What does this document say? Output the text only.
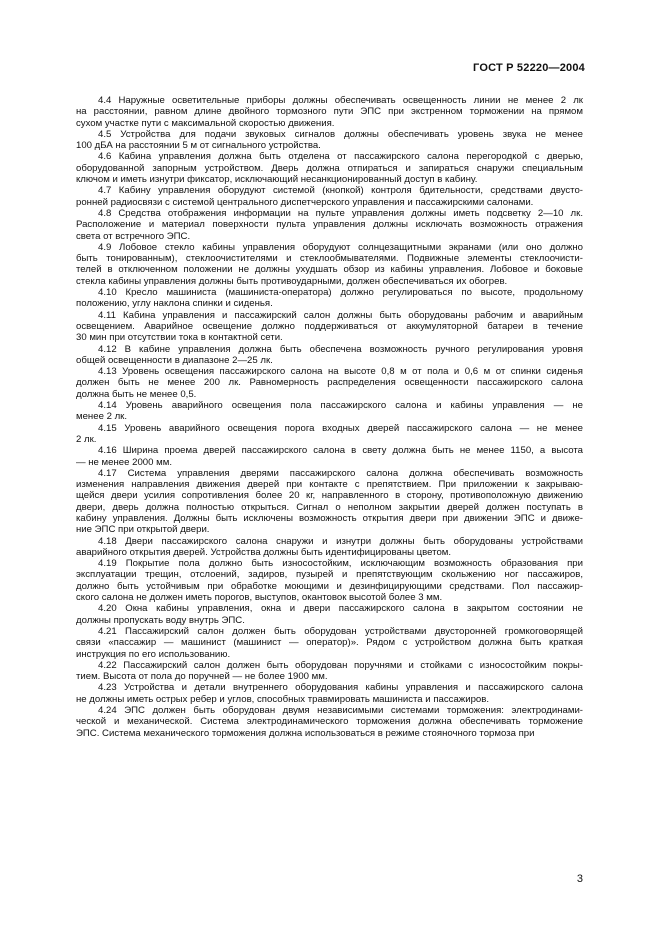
ГОСТ Р 52220—2004
4.4 Наружные осветительные приборы должны обеспечивать освещенность линии не менее 2 лк
на расстоянии, равном длине двойного тормозного пути ЭПС при экстренном торможении на прямом
сухом участке пути с максимальной скоростью движения.
4.5 Устройства для подачи звуковых сигналов должны обеспечивать уровень звука не менее
100 дБА на расстоянии 5 м от сигнального устройства.
4.6 Кабина управления должна быть отделена от пассажирского салона перегородкой с дверью,
оборудованной запорным устройством. Дверь должна отпираться и запираться снаружи специальным
ключом и иметь изнутри фиксатор, исключающий несанкционированный доступ в кабину.
4.7 Кабину управления оборудуют системой (кнопкой) контроля бдительности, средствами двусто-
ронней радиосвязи с системой центрального диспетчерского управления и пассажирскими салонами.
4.8 Средства отображения информации на пульте управления должны иметь подсветку 2—10 лк.
Расположение и материал поверхности пульта управления должны исключать возможность отражения
света от встречного ЭПС.
4.9 Лобовое стекло кабины управления оборудуют солнцезащитными экранами (или оно должно
быть тонированным), стеклоочистителями и стеклообмывателями. Подвижные элементы стеклоочисти-
телей в отключенном положении не должны ухудшать обзор из кабины управления. Лобовое и боковые
стекла кабины управления должны быть противоударными, должен обеспечиваться их обогрев.
4.10 Кресло машиниста (машиниста-оператора) должно регулироваться по высоте, продольному
положению, углу наклона спинки и сиденья.
4.11 Кабина управления и пассажирский салон должны быть оборудованы рабочим и аварийным
освещением. Аварийное освещение должно поддерживаться от аккумуляторной батареи в течение
30 мин при отсутствии тока в контактной сети.
4.12 В кабине управления должна быть обеспечена возможность ручного регулирования уровня
общей освещенности в диапазоне 2—25 лк.
4.13 Уровень освещения пассажирского салона на высоте 0,8 м от пола и 0,6 м от спинки сиденья
должен быть не менее 200 лк. Равномерность распределения освещенности пассажирского салона
должна быть не менее 0,5.
4.14 Уровень аварийного освещения пола пассажирского салона и кабины управления — не
менее 2 лк.
4.15 Уровень аварийного освещения порога входных дверей пассажирского салона — не менее
2 лк.
4.16 Ширина проема дверей пассажирского салона в свету должна быть не менее 1150, а высота
— не менее 2000 мм.
4.17 Система управления дверями пассажирского салона должна обеспечивать возможность
изменения направления движения дверей при контакте с препятствием. При приложении к закрываю-
щейся двери усилия сопротивления более 20 кг, направленного в сторону, противоположную движению
двери, дверь должна полностью открыться. Сигнал о неполном закрытии дверей должен поступать в
кабину управления. Должны быть исключены возможность открытия двери при движении ЭПС и движе-
ние ЭПС при открытой двери.
4.18 Двери пассажирского салона снаружи и изнутри должны быть оборудованы устройствами
аварийного открытия дверей. Устройства должны быть идентифицированы цветом.
4.19 Покрытие пола должно быть износостойким, исключающим возможность образования при
эксплуатации трещин, отслоений, задиров, пузырей и препятствующим скольжению ног пассажиров,
должно быть устойчивым при обработке моющими и дезинфицирующими средствами. Пол пассажир-
ского салона не должен иметь порогов, выступов, окантовок высотой более 3 мм.
4.20 Окна кабины управления, окна и двери пассажирского салона в закрытом состоянии не
должны пропускать воду внутрь ЭПС.
4.21 Пассажирский салон должен быть оборудован устройствами двусторонней громкоговорящей
связи «пассажир — машинист (машинист — оператор)». Рядом с устройством должна быть краткая
инструкция по его использованию.
4.22 Пассажирский салон должен быть оборудован поручнями и стойками с износостойким покры-
тием. Высота от пола до поручней — не более 1900 мм.
4.23 Устройства и детали внутреннего оборудования кабины управления и пассажирского салона
не должны иметь острых ребер и углов, способных травмировать машиниста и пассажиров.
4.24 ЭПС должен быть оборудован двумя независимыми системами торможения: электродинами-
ческой и механической. Система электродинамического торможения должна обеспечивать торможение
ЭПС. Система механического торможения должна использоваться в режиме стояночного тормоза при
3
